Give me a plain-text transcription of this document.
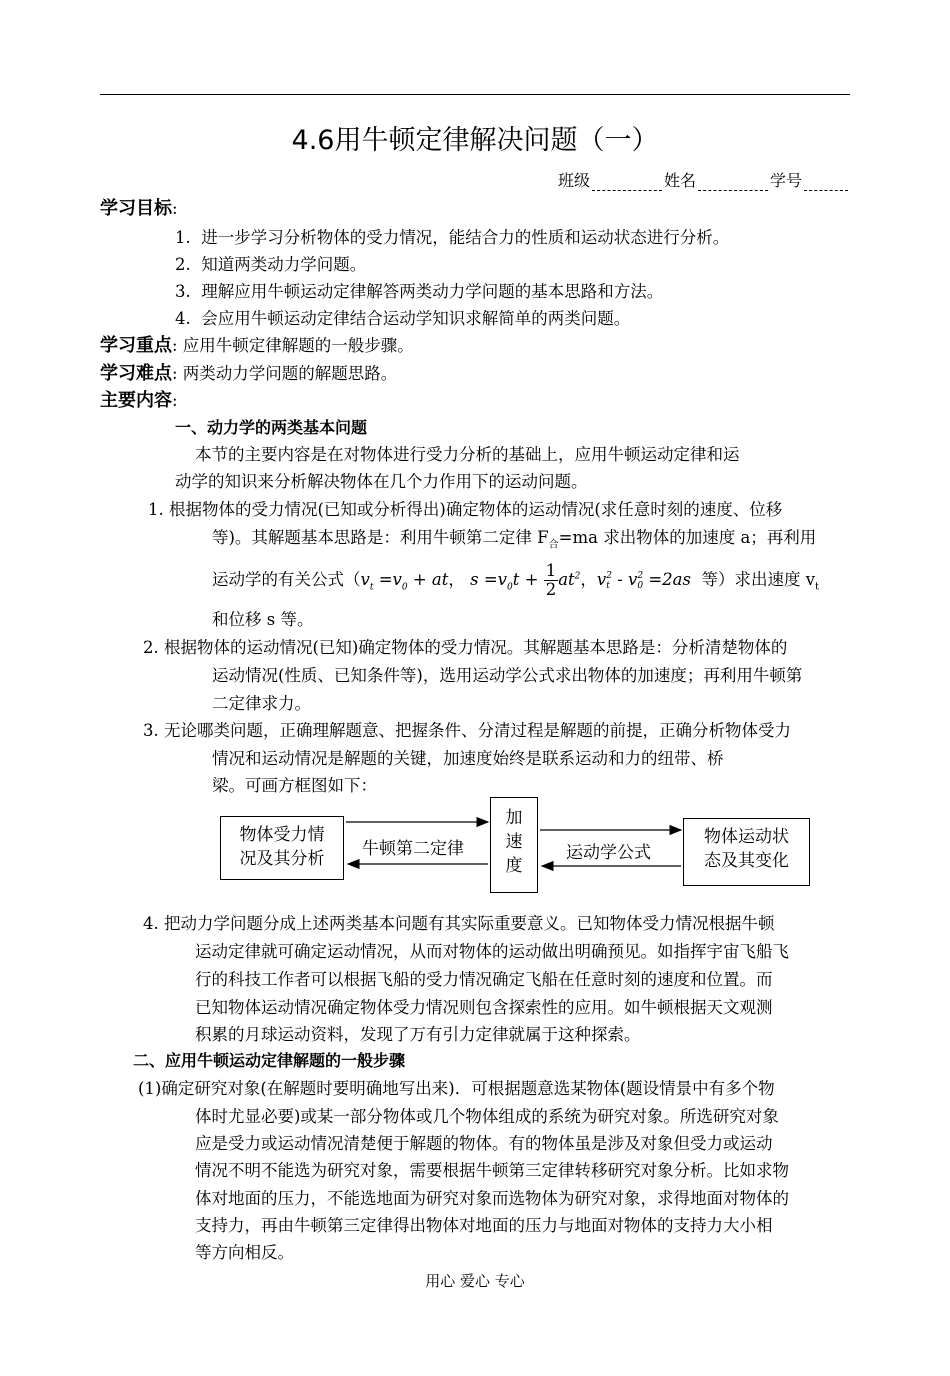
4.6用牛顿定律解决问题（一）
班级	姓名	学号
学习目标:
1. 进一步学习分析物体的受力情况，能结合力的性质和运动状态进行分析。
2. 知道两类动力学问题。
3. 理解应用牛顿运动定律解答两类动力学问题的基本思路和方法。
4. 会应用牛顿运动定律结合运动学知识求解简单的两类问题。
学习重点: 应用牛顿定律解题的一般步骤。
学习难点: 两类动力学问题的解题思路。
主要内容:
一、动力学的两类基本问题
本节的主要内容是在对物体进行受力分析的基础上，应用牛顿运动定律和运
动学的知识来分析解决物体在几个力作用下的运动问题。
1. 根据物体的受力情况(已知或分析得出)确定物体的运动情况(求任意时刻的速度、位移
等)。其解题基本思路是：利用牛顿第二定律 $F_合=ma$ 求出物体的加速度 a；再利用
运动学的有关公式（$v_t =v_0$ + at， $s =v_0t + \frac{1}{2} at^2$，v 2
t - v 2
0 =2as 等）求出速度 $v_t$
和位移 s 等。
2. 根据物体的运动情况(已知)确定物体的受力情况。其解题基本思路是：分析清楚物体的
运动情况(性质、已知条件等)，选用运动学公式求出物体的加速度；再利用牛顿第
二定律求力。
3. 无论哪类问题，正确理解题意、把握条件、分清过程是解题的前提，正确分析物体受力
情况和运动情况是解题的关键，加速度始终是联系运动和力的纽带、桥
梁。可画方框图如下：
物体受力情
况及其分析
加
速
度
物体运动状
态及其变化
牛顿第二定律	运动学公式
4. 把动力学问题分成上述两类基本问题有其实际重要意义。已知物体受力情况根据牛顿
运动定律就可确定运动情况，从而对物体的运动做出明确预见。如指挥宇宙飞船飞
行的科技工作者可以根据飞船的受力情况确定飞船在任意时刻的速度和位置。而
已知物体运动情况确定物体受力情况则包含探索性的应用。如牛顿根据天文观测
积累的月球运动资料，发现了万有引力定律就属于这种探索。
二、应用牛顿运动定律解题的一般步骤
(1)确定研究对象(在解题时要明确地写出来)．可根据题意选某物体(题设情景中有多个物
体时尤显必要)或某一部分物体或几个物体组成的系统为研究对象。所选研究对象
应是受力或运动情况清楚便于解题的物体。有的物体虽是涉及对象但受力或运动
情况不明不能选为研究对象，需要根据牛顿第三定律转移研究对象分析。比如求物
体对地面的压力，不能选地面为研究对象而选物体为研究对象，求得地面对物体的
支持力，再由牛顿第三定律得出物体对地面的压力与地面对物体的支持力大小相
等方向相反。
用心 爱心 专心
